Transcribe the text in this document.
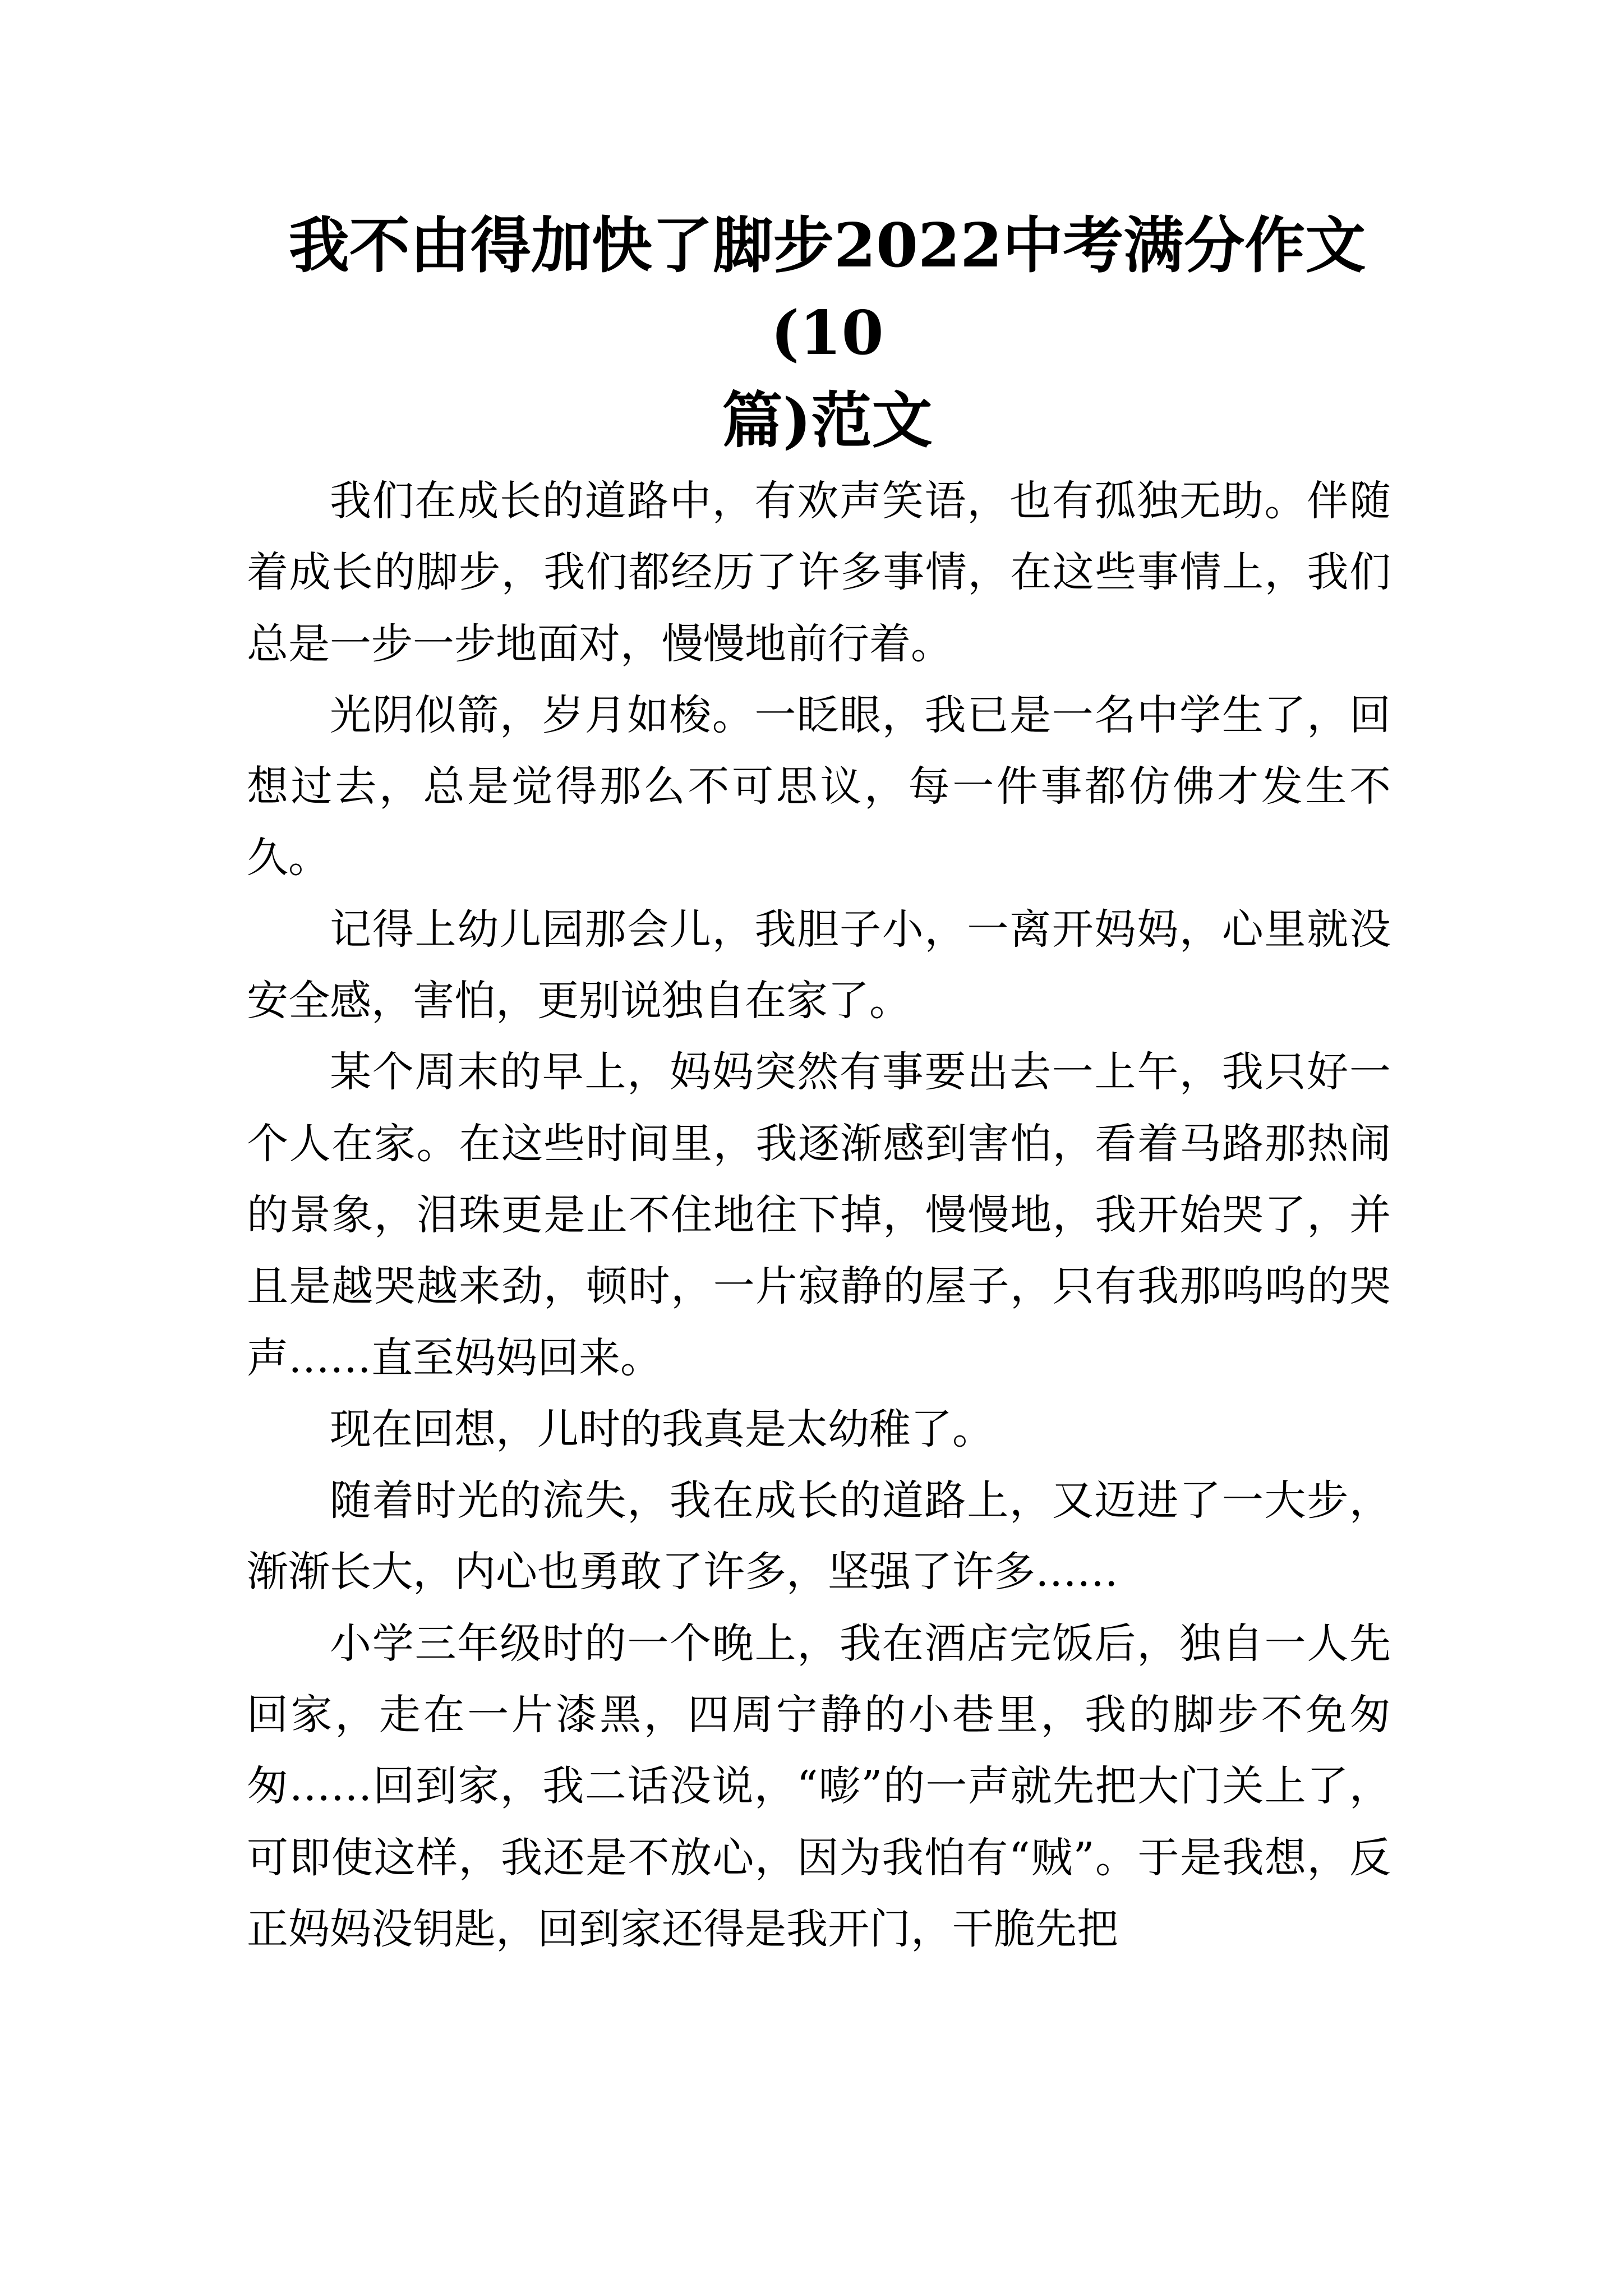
我不由得加快了脚步2022中考满分作文(10
篇)范文

我们在成长的道路中，有欢声笑语，也有孤独无助。伴随着成长的脚步，我们都经历了许多事情，在这些事情上，我们总是一步一步地面对，慢慢地前行着。

光阴似箭，岁月如梭。一眨眼，我已是一名中学生了，回想过去，总是觉得那么不可思议，每一件事都仿佛才发生不久。

记得上幼儿园那会儿，我胆子小，一离开妈妈，心里就没安全感，害怕，更别说独自在家了。

某个周末的早上，妈妈突然有事要出去一上午，我只好一个人在家。在这些时间里，我逐渐感到害怕，看着马路那热闹的景象，泪珠更是止不住地往下掉，慢慢地，我开始哭了，并且是越哭越来劲，顿时，一片寂静的屋子，只有我那呜呜的哭声……直至妈妈回来。

现在回想，儿时的我真是太幼稚了。

随着时光的流失，我在成长的道路上，又迈进了一大步，渐渐长大，内心也勇敢了许多，坚强了许多……

小学三年级时的一个晚上，我在酒店完饭后，独自一人先回家，走在一片漆黑，四周宁静的小巷里，我的脚步不免匆匆……回到家，我二话没说，“嘭”的一声就先把大门关上了，可即使这样，我还是不放心，因为我怕有“贼”。于是我想，反正妈妈没钥匙，回到家还得是我开门，干脆先把
